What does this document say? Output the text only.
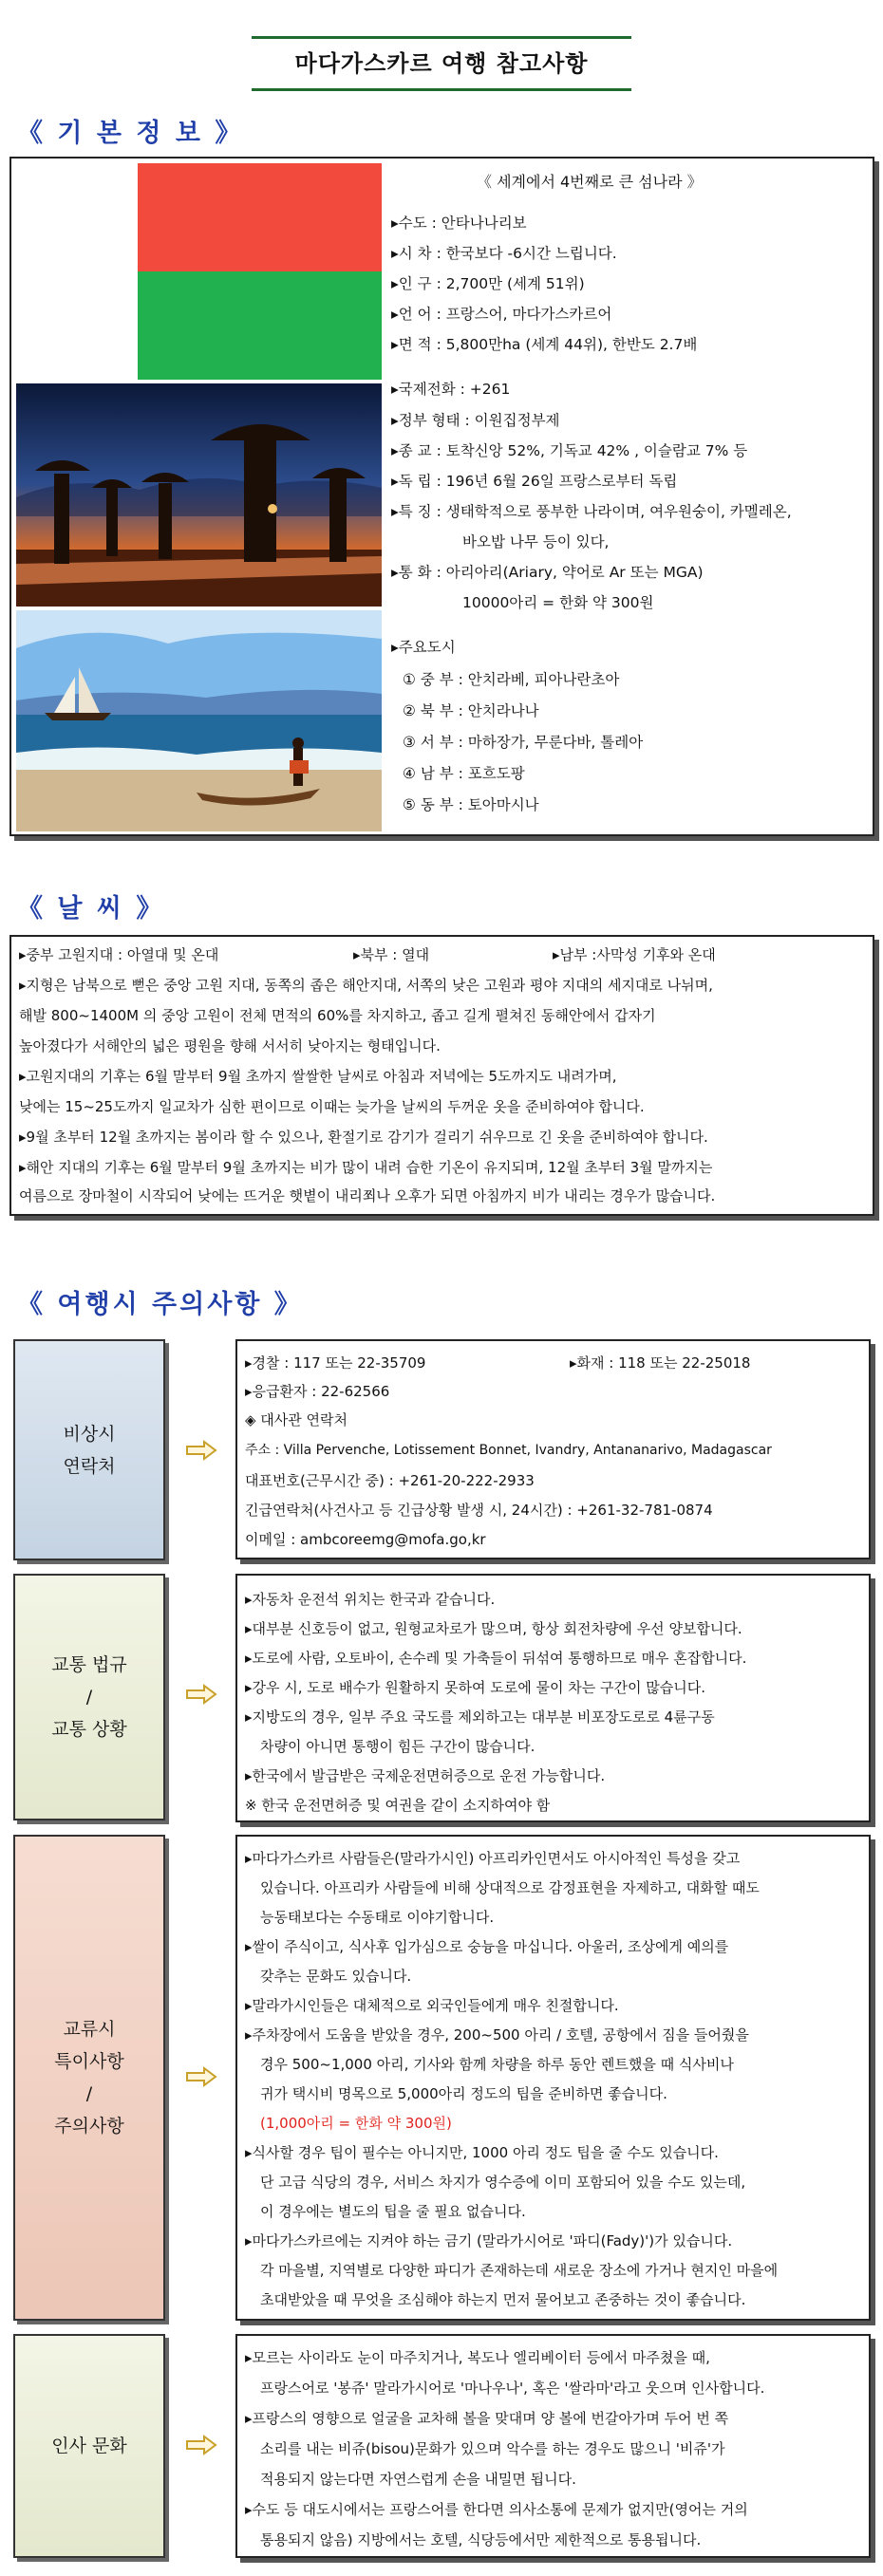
마다가스카르 여행 참고사항
《 기 본 정 보 》
《 세계에서 4번째로 큰 섬나라 》
▸수도 : 안타나나리보
▸시 차 : 한국보다 -6시간 느립니다.
▸인 구 : 2,700만 (세계 51위)
▸언 어 : 프랑스어, 마다가스카르어
▸면 적 : 5,800만ha (세계 44위), 한반도 2.7배
▸국제전화 : +261
▸정부 형태 : 이원집정부제
▸종 교 : 토착신앙 52%, 기독교 42% , 이슬람교 7% 등
▸독 립 : 196년 6월 26일 프랑스로부터 독립
▸특 징 : 생태학적으로 풍부한 나라이며, 여우원숭이, 카멜레온,
바오밥 나무 등이 있다,
▸통 화 : 아리아리(Ariary, 약어로 Ar 또는 MGA)
10000아리 = 한화 약 300원
▸주요도시
① 중 부 : 안치라베, 피아나란초아
② 북 부 : 안치라나나
③ 서 부 : 마하장가, 무룬다바, 톨레아
④ 남 부 : 포흐도팡
⑤ 동 부 : 토아마시나
《 날 씨 》
▸중부 고원지대 : 아열대 및 온대	▸북부 : 열대	▸남부 :사막성 기후와 온대
▸지형은 남북으로 뻗은 중앙 고원 지대, 동쪽의 좁은 해안지대, 서쪽의 낮은 고원과 평야 지대의 세지대로 나뉘며,
해발 800~1400M 의 중앙 고원이 전체 면적의 60%를 차지하고, 좁고 길게 펼쳐진 동해안에서 갑자기
높아졌다가 서해안의 넓은 평원을 향해 서서히 낮아지는 형태입니다.
▸고원지대의 기후는 6월 말부터 9월 초까지 쌀쌀한 날씨로 아침과 저녁에는 5도까지도 내려가며,
낮에는 15~25도까지 일교차가 심한 편이므로 이때는 늦가을 날씨의 두꺼운 옷을 준비하여야 합니다.
▸9월 초부터 12월 초까지는 봄이라 할 수 있으나, 환절기로 감기가 걸리기 쉬우므로 긴 옷을 준비하여야 합니다.
▸해안 지대의 기후는 6월 말부터 9월 초까지는 비가 많이 내려 습한 기온이 유지되며, 12월 초부터 3월 말까지는
여름으로 장마철이 시작되어 낮에는 뜨거운 햇볕이 내리쬐나 오후가 되면 아침까지 비가 내리는 경우가 많습니다.
《 여행시 주의사항 》
비상시
연락처
▸경찰 : 117 또는 22-35709	▸화재 : 118 또는 22-25018
▸응급환자 : 22-62566
◈ 대사관 연락처
주소 : Villa Pervenche, Lotissement Bonnet, Ivandry, Antananarivo, Madagascar
대표번호(근무시간 중) : +261-20-222-2933
긴급연락처(사건사고 등 긴급상황 발생 시, 24시간) : +261-32-781-0874
이메일 : ambcoreemg@mofa.go,kr
교통 법규
/
교통 상황
▸자동차 운전석 위치는 한국과 같습니다.
▸대부분 신호등이 없고, 원형교차로가 많으며, 항상 회전차량에 우선 양보합니다.
▸도로에 사람, 오토바이, 손수레 및 가축들이 뒤섞여 통행하므로 매우 혼잡합니다.
▸강우 시, 도로 배수가 원활하지 못하여 도로에 물이 차는 구간이 많습니다.
▸지방도의 경우, 일부 주요 국도를 제외하고는 대부분 비포장도로로 4륜구동
차량이 아니면 통행이 힘든 구간이 많습니다.
▸한국에서 발급받은 국제운전면허증으로 운전 가능합니다.
※ 한국 운전면허증 및 여권을 같이 소지하여야 함
교류시
특이사항
/
주의사항
▸마다가스카르 사람들은(말라가시인) 아프리카인면서도 아시아적인 특성을 갖고
있습니다. 아프리카 사람들에 비해 상대적으로 감정표현을 자제하고, 대화할 때도
능동태보다는 수동태로 이야기합니다.
▸쌀이 주식이고, 식사후 입가심으로 숭늉을 마십니다. 아울러, 조상에게 예의를
갖추는 문화도 있습니다.
▸말라가시인들은 대체적으로 외국인들에게 매우 친절합니다.
▸주차장에서 도움을 받았을 경우, 200~500 아리 / 호텔, 공항에서 짐을 들어줬을
경우 500~1,000 아리, 기사와 함께 차량을 하루 동안 렌트했을 때 식사비나
귀가 택시비 명목으로 5,000아리 정도의 팁을 준비하면 좋습니다.
(1,000아리 = 한화 약 300원)
▸식사할 경우 팁이 필수는 아니지만, 1000 아리 정도 팁을 줄 수도 있습니다.
단 고급 식당의 경우, 서비스 차지가 영수증에 이미 포함되어 있을 수도 있는데,
이 경우에는 별도의 팁을 줄 필요 없습니다.
▸마다가스카르에는 지켜야 하는 금기 (말라가시어로 '파디(Fady)')가 있습니다.
각 마을별, 지역별로 다양한 파디가 존재하는데 새로운 장소에 가거나 현지인 마을에
초대받았을 때 무엇을 조심해야 하는지 먼저 물어보고 존중하는 것이 좋습니다.
인사 문화
▸모르는 사이라도 눈이 마주치거나, 복도나 엘리베이터 등에서 마주쳤을 때,
프랑스어로 '봉쥬' 말라가시어로 '마나우나', 혹은 '쌀라마'라고 웃으며 인사합니다.
▸프랑스의 영향으로 얼굴을 교차해 볼을 맞대며 양 볼에 번갈아가며 두어 번 쪽
소리를 내는 비쥬(bisou)문화가 있으며 악수를 하는 경우도 많으니 '비쥬'가
적용되지 않는다면 자연스럽게 손을 내밀면 됩니다.
▸수도 등 대도시에서는 프랑스어를 한다면 의사소통에 문제가 없지만(영어는 거의
통용되지 않음) 지방에서는 호텔, 식당등에서만 제한적으로 통용됩니다.
